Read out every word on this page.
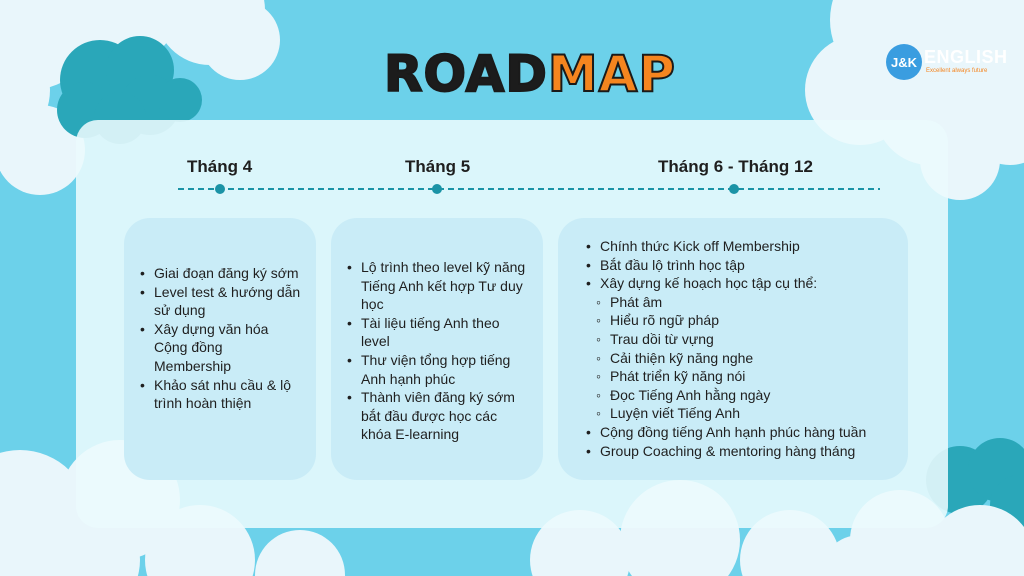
ROADMAP	J&K ENGLISH
Excellent always future
Tháng 4	Tháng 5	Tháng 6 - Tháng 12
• Giai đoạn đăng ký sớm
• Level test & hướng dẫn sử dụng
• Xây dựng văn hóa Cộng đồng Membership
• Khảo sát nhu cầu & lộ trình hoàn thiện
• Lộ trình theo level kỹ năng Tiếng Anh kết hợp Tư duy học
• Tài liệu tiếng Anh theo level
• Thư viện tổng hợp tiếng Anh hạnh phúc
• Thành viên đăng ký sớm bắt đầu được học các khóa E-learning
• Chính thức Kick off Membership
• Bắt đầu lộ trình học tập
• Xây dựng kế hoạch học tập cụ thể:
◦ Phát âm
◦ Hiểu rõ ngữ pháp
◦ Trau dồi từ vựng
◦ Cải thiện kỹ năng nghe
◦ Phát triển kỹ năng nói
◦ Đọc Tiếng Anh hằng ngày
◦ Luyện viết Tiếng Anh
• Cộng đồng tiếng Anh hạnh phúc hàng tuần
• Group Coaching & mentoring hàng tháng
